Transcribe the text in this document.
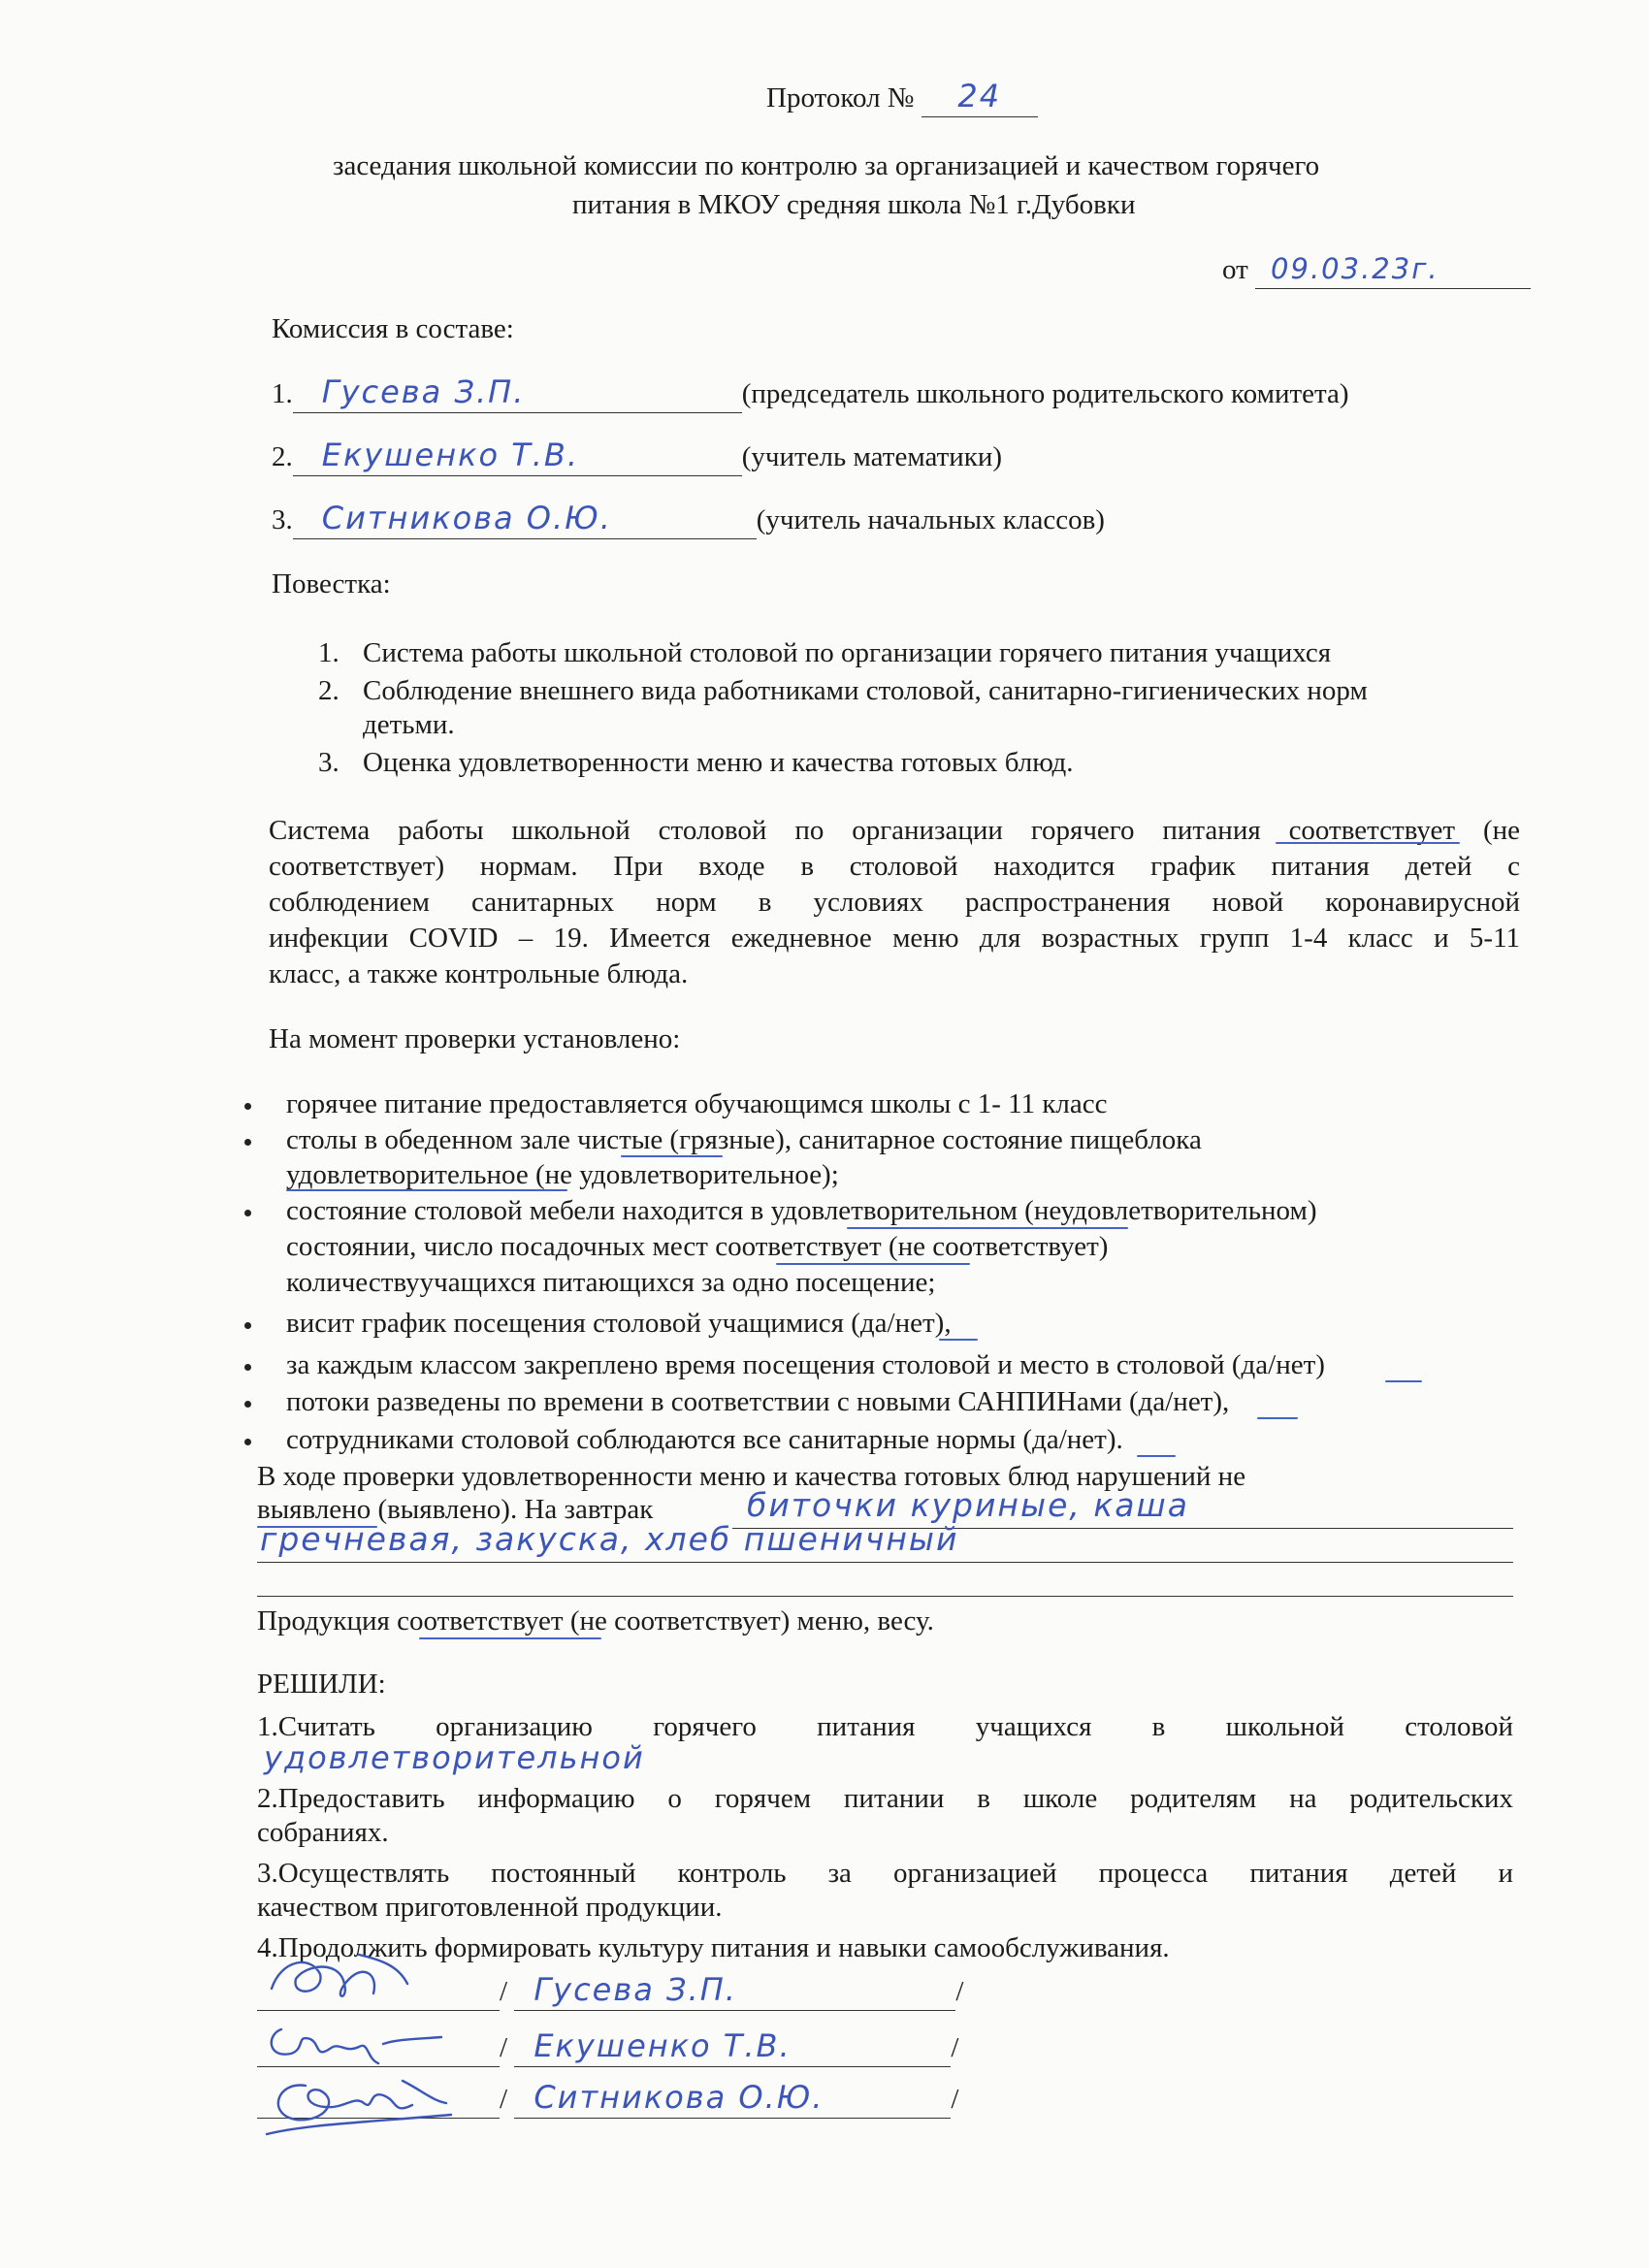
Протокол № 24
заседания школьной комиссии по контролю за организацией и качеством горячего
питания в МКОУ средняя школа №1 г.Дубовки
от 09.03.23г.
Комиссия в составе:
1. Гусева З.П.	(председатель школьного родительского комитета)
2. Екушенко Т.В.	(учитель математики)
3. Ситникова О.Ю.	(учитель начальных классов)
Повестка:
1. Система работы школьной столовой по организации горячего питания учащихся
2. Соблюдение внешнего вида работниками столовой, санитарно-гигиенических норм
детьми.
3. Оценка удовлетворенности меню и качества готовых блюд.
Система работы школьной столовой по организации горячего питания соответствует (не
соответствует) нормам. При входе в столовой находится график питания детей с
соблюдением санитарных норм в условиях распространения новой коронавирусной
инфекции COVID – 19. Имеется ежедневное меню для возрастных групп 1-4 класс и 5-11
класс, а также контрольные блюда.
На момент проверки установлено:
горячее питание предоставляется обучающимся школы с 1- 11 класс
столы в обеденном зале чистые (грязные), санитарное состояние пищеблока
удовлетворительное (не удовлетворительное);
состояние столовой мебели находится в удовлетворительном (неудовлетворительном)
состоянии, число посадочных мест соответствует (не соответствует)
количествуучащихся питающихся за одно посещение;
висит график посещения столовой учащимися (да/нет),
за каждым классом закреплено время посещения столовой и место в столовой (да/нет)
потоки разведены по времени в соответствии с новыми САНПИНами (да/нет),
сотрудниками столовой соблюдаются все санитарные нормы (да/нет).
В ходе проверки удовлетворенности меню и качества готовых блюд нарушений не
выявлено (выявлено). На завтрак	биточки куриные, каша
гречневая, закуска, хлеб пшеничный
Продукция соответствует (не соответствует) меню, весу.
РЕШИЛИ:
1.Считать организацию горячего питания учащихся в школьной столовой
удовлетворительной
2.Предоставить информацию о горячем питании в школе родителям на родительских
собраниях.
3.Осуществлять постоянный контроль за организацией процесса питания детей и
качеством приготовленной продукции.
4.Продолжить формировать культуру питания и навыки самообслуживания.
/ Гусева З.П.	/
/ Екушенко Т.В.	/
/ Ситникова О.Ю.	/
